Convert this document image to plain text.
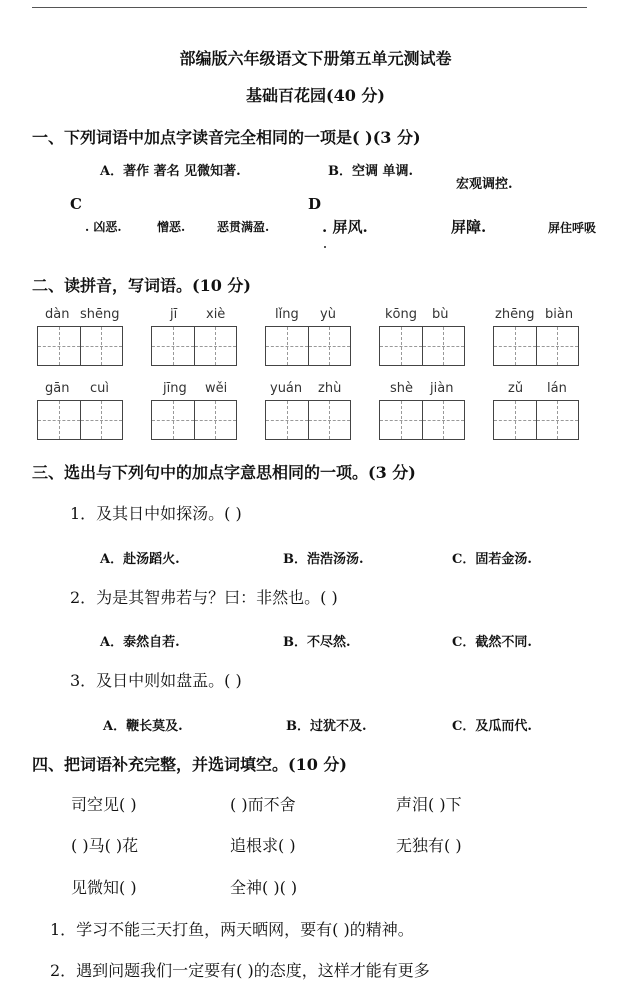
部编版六年级语文下册第五单元测试卷
基础百花园(40 分)
一、下列词语中加点字读音完全相同的一项是( )(3 分)
A．著作 著名 见微知著.	B．空调 单调.
宏观调控.
C	D
. 凶恶.	憎恶.	恶贯满盈.	. 屏风.	屏障.	屏住呼吸
二、读拼音，写词语。(10 分)
dàn shēng	jī xiè	lǐng yù	kōng bù	zhēng biàn
gān cuì	jīng wěi	yuán zhù	shè jiàn	zǔ lán
三、选出与下列句中的加点字意思相同的一项。(3 分)
1．及其日中如探汤。( )
A．赴汤蹈火.	B．浩浩汤汤.	C．固若金汤.
2．为是其智弗若与？曰：非然也。( )
A．泰然自若.	B．不尽然.	C．截然不同.
3．及日中则如盘盂。( )
A．鞭长莫及.	B．过犹不及.	C．及瓜而代.
四、把词语补充完整，并选词填空。(10 分)
司空见( )	( )而不舍	声泪( )下
( )马( )花	追根求( )	无独有( )
见微知( )	全神( )( )
1．学习不能三天打鱼，两天晒网，要有( )的精神。
2．遇到问题我们一定要有( )的态度，这样才能有更多
